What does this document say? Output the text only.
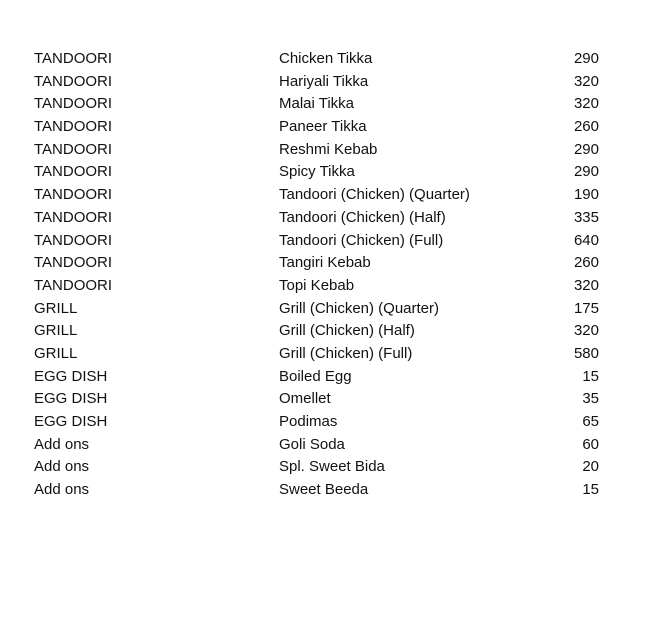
TANDOORI	Chicken Tikka	290
TANDOORI	Hariyali Tikka	320
TANDOORI	Malai Tikka	320
TANDOORI	Paneer Tikka	260
TANDOORI	Reshmi Kebab	290
TANDOORI	Spicy Tikka	290
TANDOORI	Tandoori (Chicken) (Quarter)	190
TANDOORI	Tandoori (Chicken) (Half)	335
TANDOORI	Tandoori (Chicken) (Full)	640
TANDOORI	Tangiri Kebab	260
TANDOORI	Topi Kebab	320
GRILL	Grill (Chicken) (Quarter)	175
GRILL	Grill (Chicken) (Half)	320
GRILL	Grill (Chicken) (Full)	580
EGG DISH	Boiled Egg	15
EGG DISH	Omellet	35
EGG DISH	Podimas	65
Add ons	Goli Soda	60
Add ons	Spl. Sweet Bida	20
Add ons	Sweet Beeda	15
